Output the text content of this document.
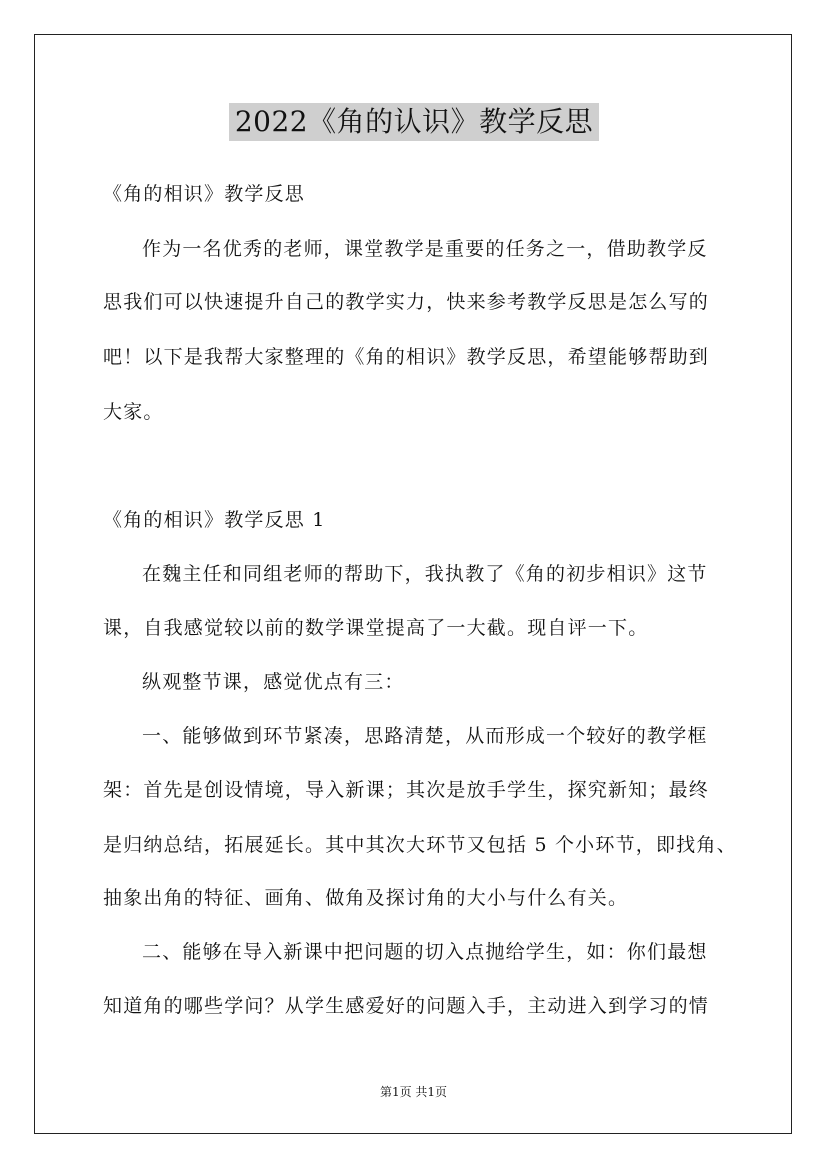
2022《角的认识》教学反思
《角的相识》教学反思
作为一名优秀的老师，课堂教学是重要的任务之一，借助教学反
思我们可以快速提升自己的教学实力，快来参考教学反思是怎么写的
吧！以下是我帮大家整理的《角的相识》教学反思，希望能够帮助到
大家。
《角的相识》教学反思 1
在魏主任和同组老师的帮助下，我执教了《角的初步相识》这节
课，自我感觉较以前的数学课堂提高了一大截。现自评一下。
纵观整节课，感觉优点有三：
一、能够做到环节紧凑，思路清楚，从而形成一个较好的教学框
架：首先是创设情境，导入新课；其次是放手学生，探究新知；最终
是归纳总结，拓展延长。其中其次大环节又包括 5 个小环节，即找角、
抽象出角的特征、画角、做角及探讨角的大小与什么有关。
二、能够在导入新课中把问题的切入点抛给学生，如：你们最想
知道角的哪些学问？从学生感爱好的问题入手，主动进入到学习的情
第1页 共1页
